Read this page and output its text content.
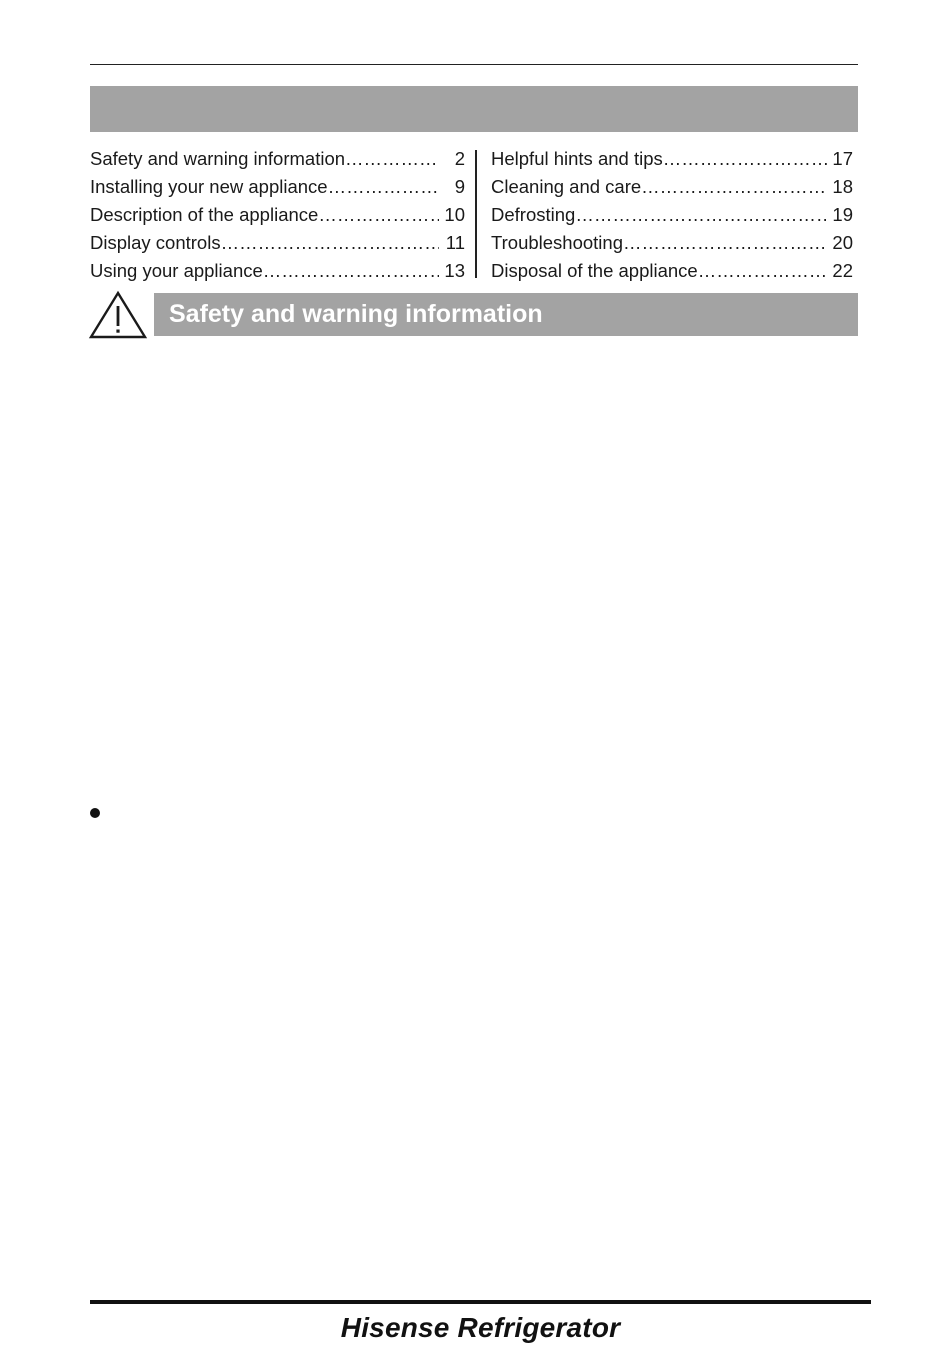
Safety and warning information ……………………………………………………………………	2
Installing your new appliance ……………………………………………………………………	9
Description of the appliance ……………………………………………………………………	10
Display controls ……………………………………………………………………	11
Using your appliance ……………………………………………………………………	13
Helpful hints and tips ……………………………………………………………………	17
Cleaning and care ……………………………………………………………………	18
Defrosting ……………………………………………………………………	19
Troubleshooting ……………………………………………………………………	20
Disposal of the appliance ……………………………………………………………………	22
Safety and warning information
Hisense Refrigerator
